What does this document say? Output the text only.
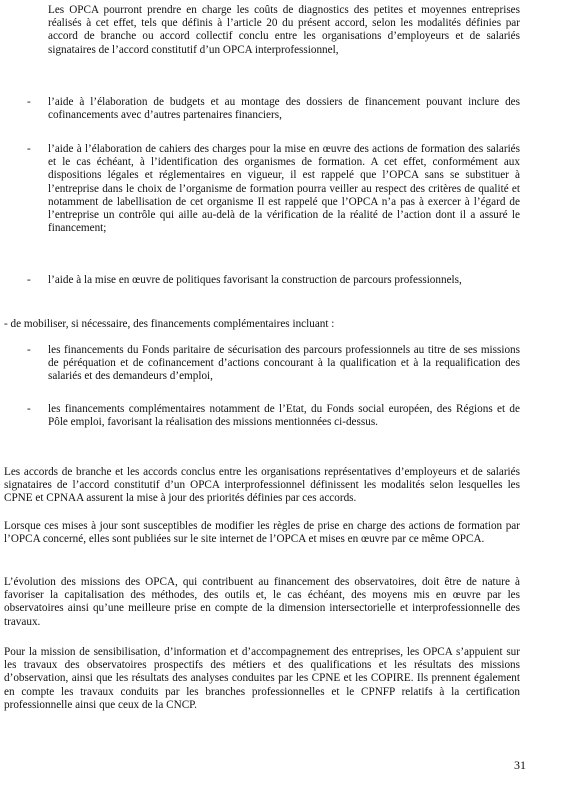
Les OPCA pourront prendre en charge les coûts de diagnostics des petites et moyennes entreprises réalisés à cet effet, tels que définis à l’article 20 du présent accord, selon les modalités définies par accord de branche ou accord collectif conclu entre les organisations d’employeurs et de salariés signataires de l’accord constitutif d’un OPCA interprofessionnel,

- l’aide à l’élaboration de budgets et au montage des dossiers de financement pouvant inclure des cofinancements avec d’autres partenaires financiers,

- l’aide à l’élaboration de cahiers des charges pour la mise en œuvre des actions de formation des salariés et le cas échéant, à l’identification des organismes de formation. A cet effet, conformément aux dispositions légales et réglementaires en vigueur, il est rappelé que l’OPCA sans se substituer à l’entreprise dans le choix de l’organisme de formation pourra veiller au respect des critères de qualité et notamment de labellisation de cet organisme Il est rappelé que l’OPCA n’a pas à exercer à l’égard de l’entreprise un contrôle qui aille au-delà de la vérification de la réalité de l’action dont il a assuré le financement;

- l’aide à la mise en œuvre de politiques favorisant la construction de parcours professionnels,

- de mobiliser, si nécessaire, des financements complémentaires incluant :

- les financements du Fonds paritaire de sécurisation des parcours professionnels au titre de ses missions de péréquation et de cofinancement d’actions concourant à la qualification et à la requalification des salariés et des demandeurs d’emploi,

- les financements complémentaires notamment de l’Etat, du Fonds social européen, des Régions et de Pôle emploi, favorisant la réalisation des missions mentionnées ci-dessus.

Les accords de branche et les accords conclus entre les organisations représentatives d’employeurs et de salariés signataires de l’accord constitutif d’un OPCA interprofessionnel définissent les modalités selon lesquelles les CPNE et CPNAA assurent la mise à jour des priorités définies par ces accords.

Lorsque ces mises à jour sont susceptibles de modifier les règles de prise en charge des actions de formation par l’OPCA concerné, elles sont publiées sur le site internet de l’OPCA et mises en œuvre par ce même OPCA.

L’évolution des missions des OPCA, qui contribuent au financement des observatoires, doit être de nature à favoriser la capitalisation des méthodes, des outils et, le cas échéant, des moyens mis en œuvre par les observatoires ainsi qu’une meilleure prise en compte de la dimension intersectorielle et interprofessionnelle des travaux.

Pour la mission de sensibilisation, d’information et d’accompagnement des entreprises, les OPCA s’appuient sur les travaux des observatoires prospectifs des métiers et des qualifications et les résultats des missions d’observation, ainsi que les résultats des analyses conduites par les CPNE et les COPIRE. Ils prennent également en compte les travaux conduits par les branches professionnelles et le CPNFP relatifs à la certification professionnelle ainsi que ceux de la CNCP.

31
